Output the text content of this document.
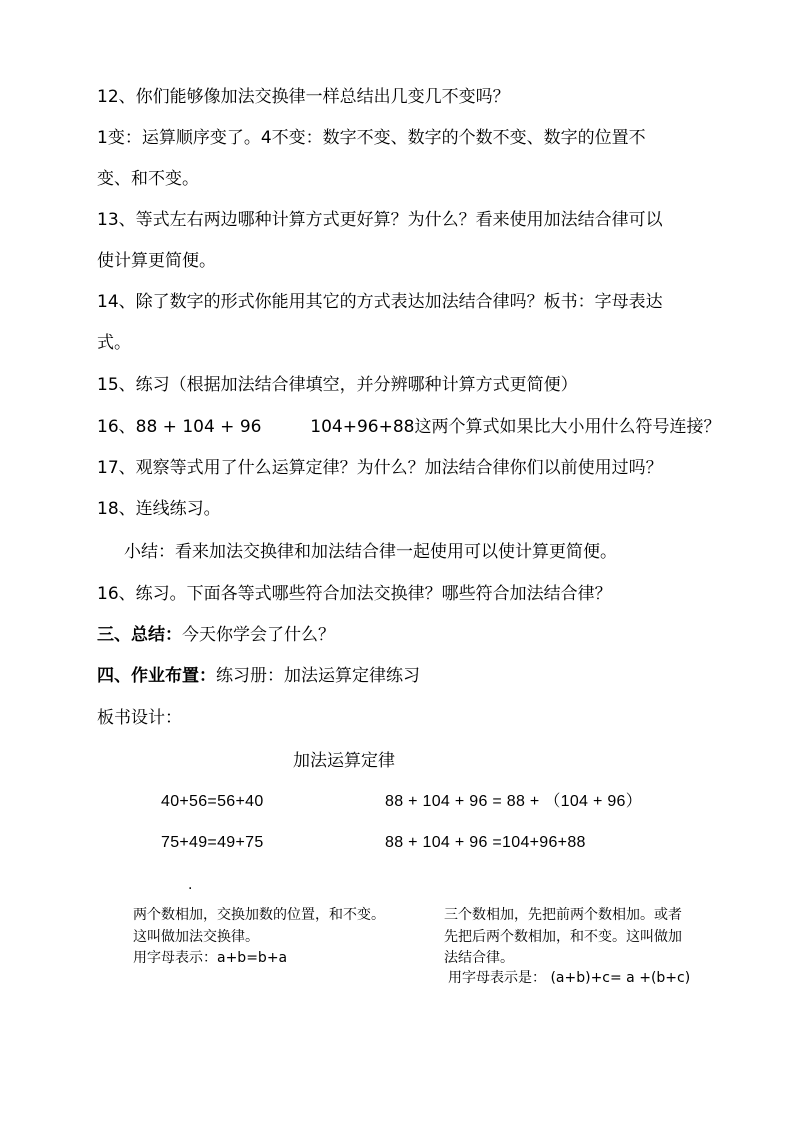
12、你们能够像加法交换律一样总结出几变几不变吗？
1变：运算顺序变了。4不变：数字不变、数字的个数不变、数字的位置不
变、和不变。
13、等式左右两边哪种计算方式更好算？为什么？看来使用加法结合律可以
使计算更简便。
14、除了数字的形式你能用其它的方式表达加法结合律吗？板书：字母表达
式。
15、练习（根据加法结合律填空，并分辨哪种计算方式更简便）
16、88 + 104 + 96	104+96+88这两个算式如果比大小用什么符号连接？
17、观察等式用了什么运算定律？为什么？加法结合律你们以前使用过吗？
18、连线练习。
小结：看来加法交换律和加法结合律一起使用可以使计算更简便。
16、练习。下面各等式哪些符合加法交换律？哪些符合加法结合律？
三、总结：今天你学会了什么？
四、作业布置：练习册：加法运算定律练习
板书设计：
加法运算定律
40+56=56+40	88 + 104 + 96 = 88 + （104 + 96）
75+49=49+75	88 + 104 + 96 =104+96+88
.
两个数相加，交换加数的位置，和不变。
这叫做加法交换律。
用字母表示：a+b=b+a
三个数相加，先把前两个数相加。或者
先把后两个数相加，和不变。这叫做加
法结合律。
用字母表示是： (a+b)+c= a +(b+c)
